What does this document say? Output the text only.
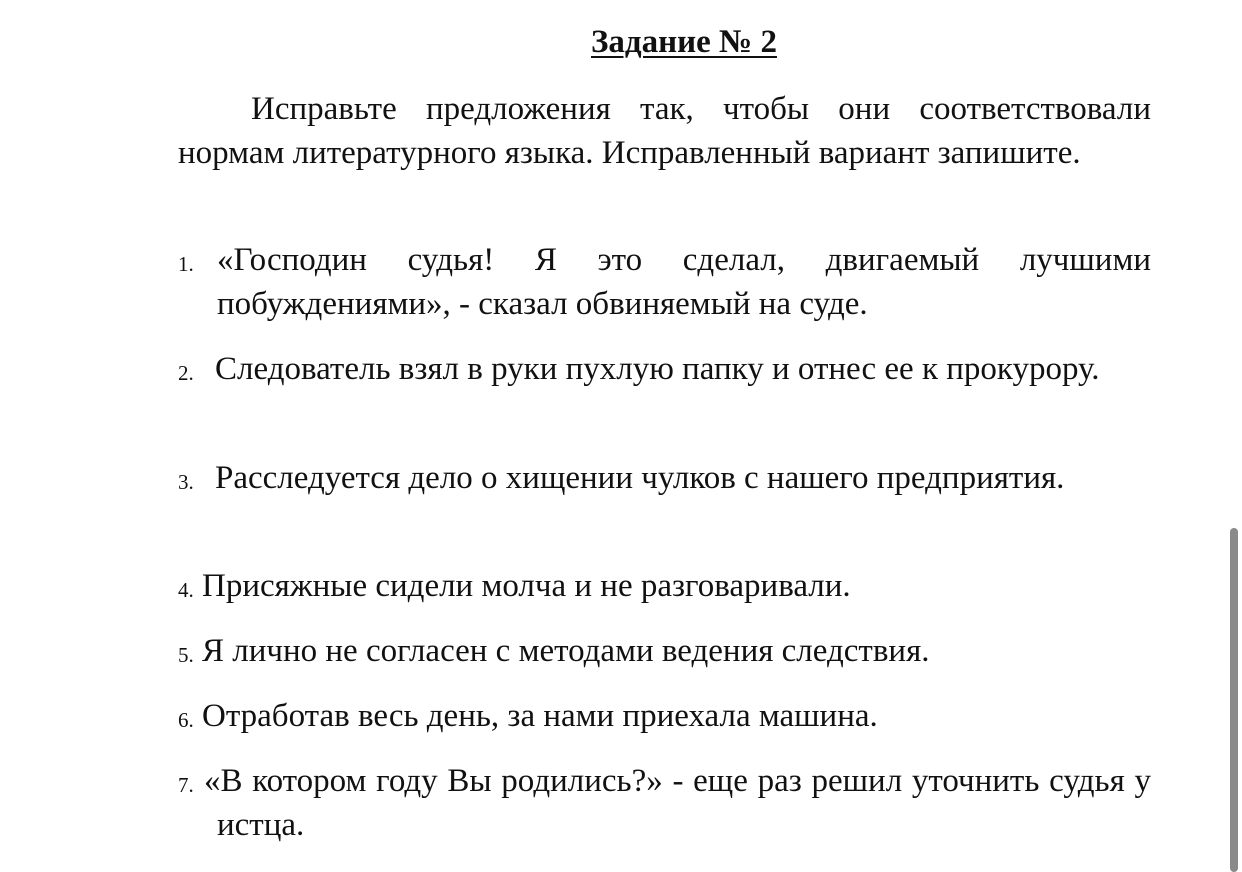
Задание № 2

Исправьте предложения так, чтобы они соответствовали нормам литературного языка. Исправленный вариант запишите.

1. «Господин судья! Я это сделал, двигаемый лучшими побуждениями», - сказал обвиняемый на суде.

2. Следователь взял в руки пухлую папку и отнес ее к прокурору.

3. Расследуется дело о хищении чулков с нашего предприятия.

4. Присяжные сидели молча и не разговаривали.

5. Я лично не согласен с методами ведения следствия.

6. Отработав весь день, за нами приехала машина.

7. «В котором году Вы родились?» - еще раз решил уточнить судья у истца.
